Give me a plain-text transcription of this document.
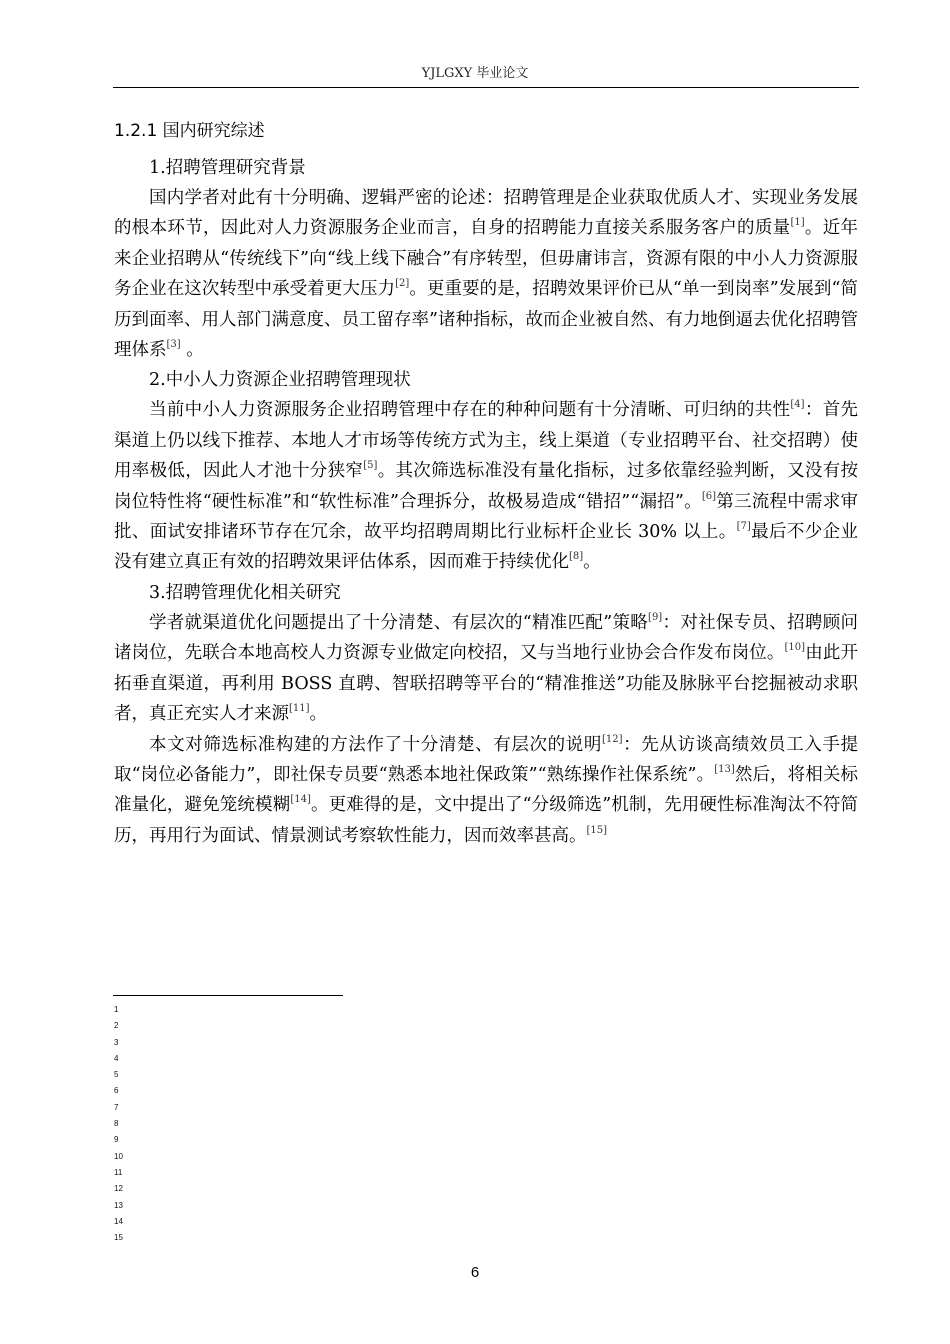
YJLGXY 毕业论文
1.2.1 国内研究综述
1.招聘管理研究背景

国内学者对此有十分明确、逻辑严密的论述：招聘管理是企业获取优质人才、实现业务发展的根本环节，因此对人力资源服务企业而言，自身的招聘能力直接关系服务客户的质量[1]。近年来企业招聘从“传统线下”向“线上线下融合”有序转型，但毋庸讳言，资源有限的中小人力资源服务企业在这次转型中承受着更大压力[2]。更重要的是，招聘效果评价已从“单一到岗率”发展到“简历到面率、用人部门满意度、员工留存率”诸种指标，故而企业被自然、有力地倒逼去优化招聘管理体系[3] 。

2.中小人力资源企业招聘管理现状

当前中小人力资源服务企业招聘管理中存在的种种问题有十分清晰、可归纳的共性[4]：首先渠道上仍以线下推荐、本地人才市场等传统方式为主，线上渠道（专业招聘平台、社交招聘）使用率极低，因此人才池十分狭窄[5]。其次筛选标准没有量化指标，过多依靠经验判断，又没有按岗位特性将“硬性标准”和“软性标准”合理拆分，故极易造成“错招”“漏招”。[6]第三流程中需求审批、面试安排诸环节存在冗余，故平均招聘周期比行业标杆企业长 30% 以上。[7]最后不少企业没有建立真正有效的招聘效果评估体系，因而难于持续优化[8]。

3.招聘管理优化相关研究

学者就渠道优化问题提出了十分清楚、有层次的“精准匹配”策略[9]：对社保专员、招聘顾问诸岗位，先联合本地高校人力资源专业做定向校招，又与当地行业协会合作发布岗位。[10]由此开拓垂直渠道，再利用 BOSS 直聘、智联招聘等平台的“精准推送”功能及脉脉平台挖掘被动求职者，真正充实人才来源[11]。

本文对筛选标准构建的方法作了十分清楚、有层次的说明[12]：先从访谈高绩效员工入手提取“岗位必备能力”，即社保专员要“熟悉本地社保政策”“熟练操作社保系统”。[13]然后，将相关标准量化，避免笼统模糊[14]。更难得的是，文中提出了“分级筛选”机制，先用硬性标准淘汰不符简历，再用行为面试、情景测试考察软性能力，因而效率甚高。[15]

1
2
3
4
5
6
7
8
9
10
11
12
13
14
15
6
